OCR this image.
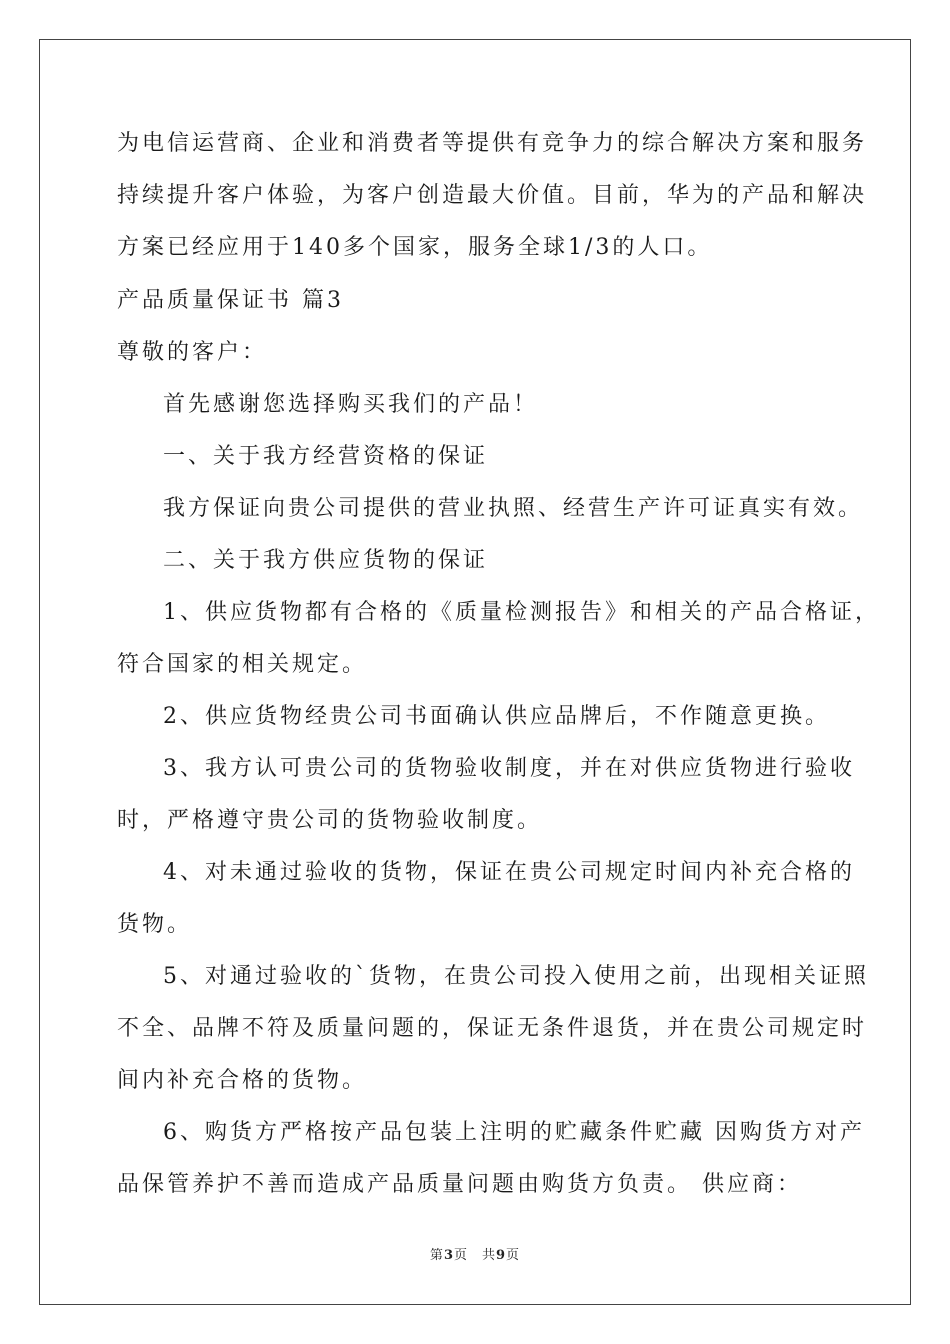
为电信运营商、企业和消费者等提供有竞争力的综合解决方案和服务
持续提升客户体验，为客户创造最大价值。目前，华为的产品和解决
方案已经应用于140多个国家，服务全球1/3的人口。
产品质量保证书 篇3
尊敬的客户：
首先感谢您选择购买我们的产品！
一、关于我方经营资格的保证
我方保证向贵公司提供的营业执照、经营生产许可证真实有效。
二、关于我方供应货物的保证
1、供应货物都有合格的《质量检测报告》和相关的产品合格证，
符合国家的相关规定。
2、供应货物经贵公司书面确认供应品牌后，不作随意更换。
3、我方认可贵公司的货物验收制度，并在对供应货物进行验收
时，严格遵守贵公司的货物验收制度。
4、对未通过验收的货物，保证在贵公司规定时间内补充合格的
货物。
5、对通过验收的`货物，在贵公司投入使用之前，出现相关证照
不全、品牌不符及质量问题的，保证无条件退货，并在贵公司规定时
间内补充合格的货物。
6、购货方严格按产品包装上注明的贮藏条件贮藏 因购货方对产
品保管养护不善而造成产品质量问题由购货方负责。 供应商：
第3页　共9页
